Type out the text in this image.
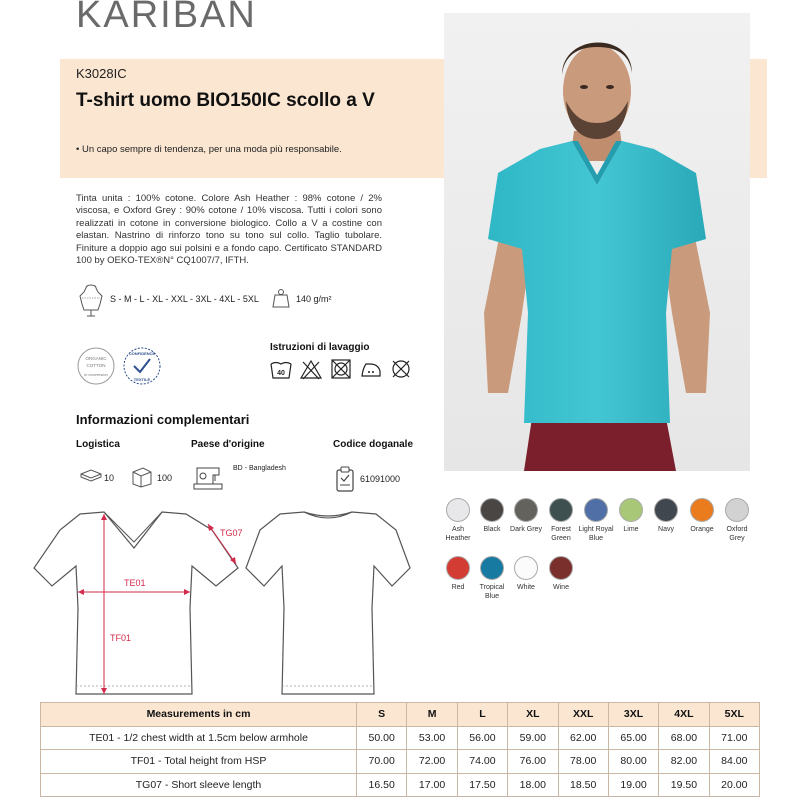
KARIBAN
K3028IC
T-shirt uomo BIO150IC scollo a V
• Un capo sempre di tendenza, per una moda più responsabile.
Tinta unita : 100% cotone. Colore Ash Heather : 98% cotone / 2% viscosa, e Oxford Grey : 90% cotone / 10% viscosa. Tutti i colori sono realizzati in cotone in conversione biologico. Collo a V a costine con elastan. Nastrino di rinforzo tono su tono sul collo. Taglio tubolare. Finiture a doppio ago sui polsini e a fondo capo. Certificato STANDARD 100 by OEKO-TEX®N° CQ1007/7, IFTH.
S - M - L - XL - XXL - 3XL - 4XL - 5XL	140 g/m²
ORGANIC
COTTON
in conversion
CONFIDENCE
TEXTILE
Istruzioni di lavaggio
40
Informazioni complementari
Logistica	Paese d'origine	Codice doganale
10	100
BD - Bangladesh
61091000
Ash Heather
Black	Dark Grey	Forest Green
Light Royal Blue
Lime	Navy	Orange	Oxford Grey
Red	Tropical Blue
White	Wine
TE01
TF01
TG07
Measurements in cm	S	M	L	XL	XXL	3XL	4XL	5XL
TE01 - 1/2 chest width at 1.5cm below armhole	50.00	53.00	56.00	59.00	62.00	65.00	68.00	71.00
TF01 - Total height from HSP	70.00	72.00	74.00	76.00	78.00	80.00	82.00	84.00
TG07 - Short sleeve length	16.50	17.00	17.50	18.00	18.50	19.00	19.50	20.00
